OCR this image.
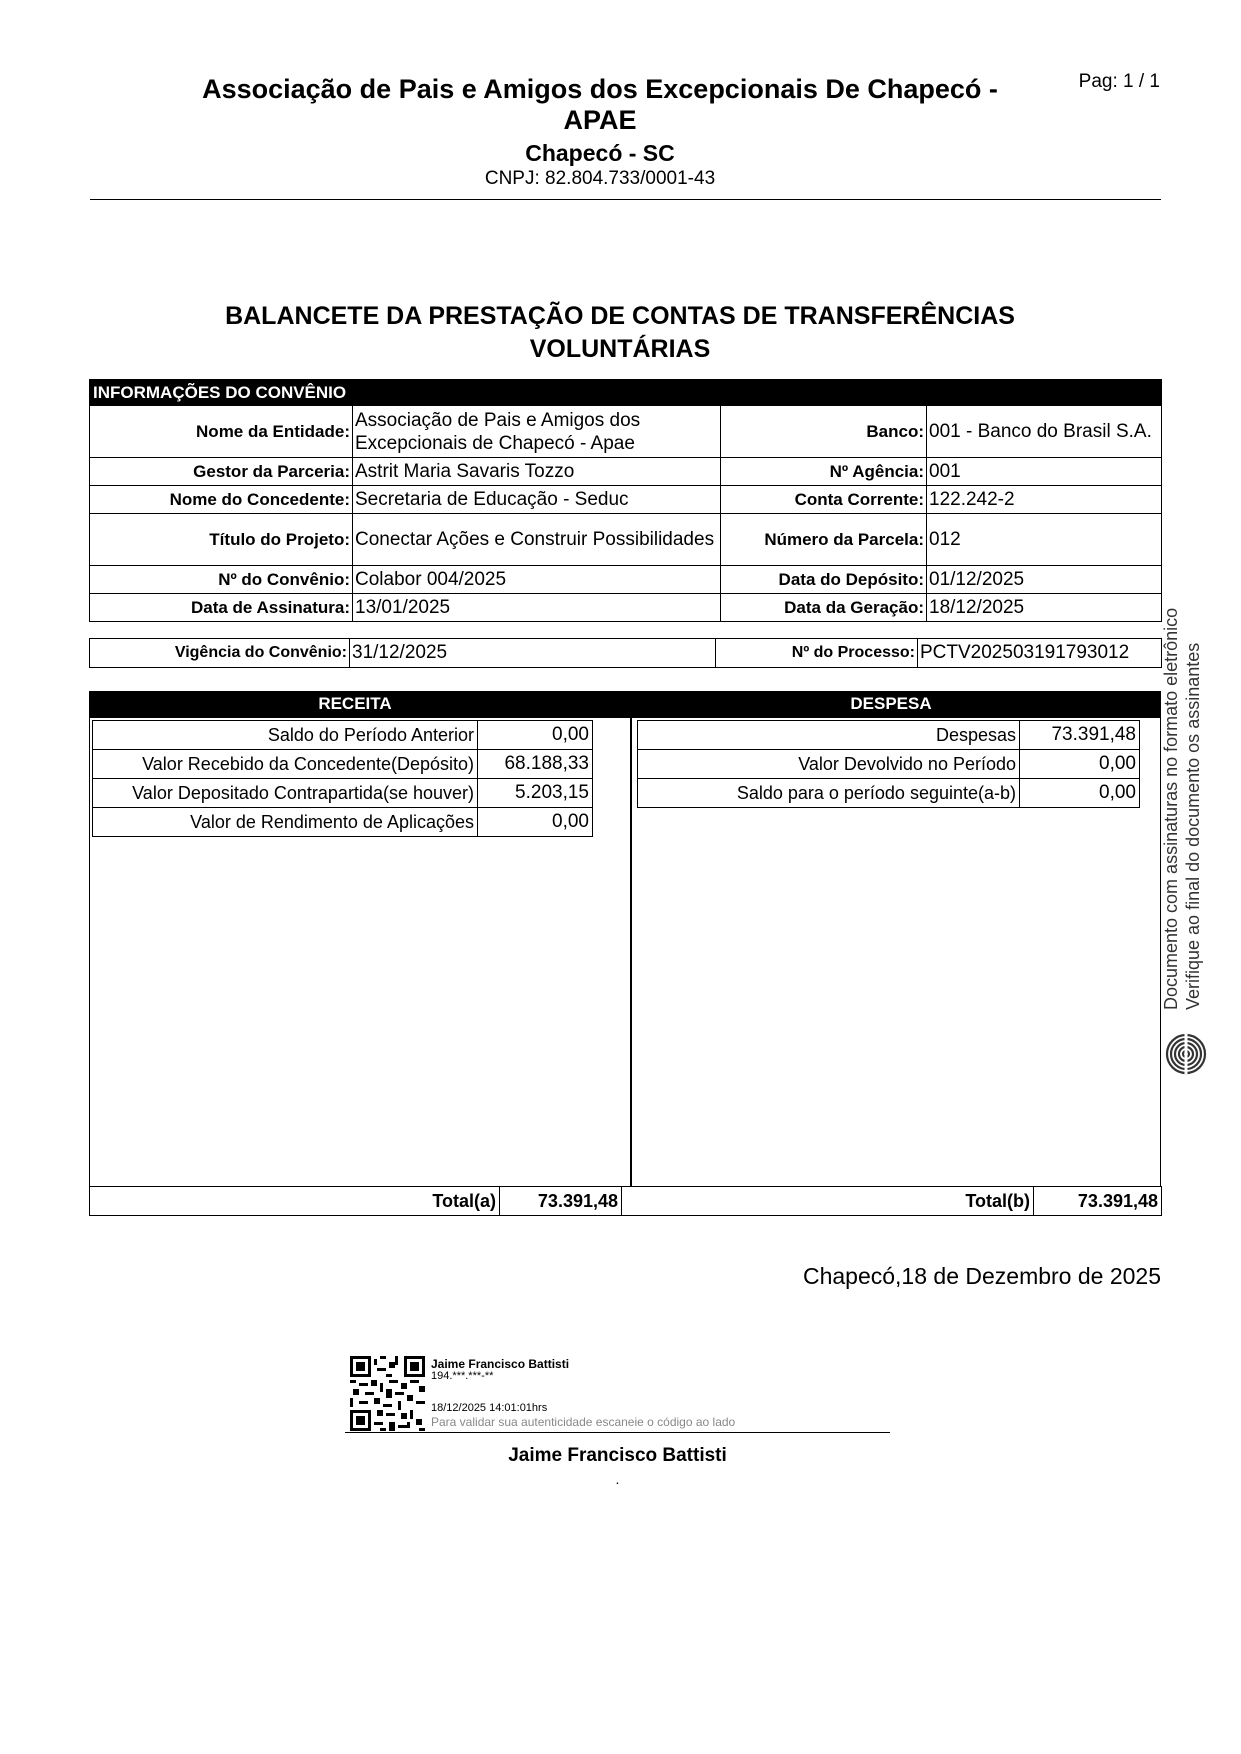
Pag: 1 / 1
Associação de Pais e Amigos dos Excepcionais De Chapecó -
APAE
Chapecó - SC
CNPJ: 82.804.733/0001-43
BALANCETE DA PRESTAÇÃO DE CONTAS DE TRANSFERÊNCIAS
VOLUNTÁRIAS
INFORMAÇÕES DO CONVÊNIO			
Nome da Entidade:	Associação de Pais e Amigos dos Excepcionais de Chapecó - Apae	Banco:	001 - Banco do Brasil S.A.
Gestor da Parceria:	Astrit Maria Savaris Tozzo	Nº Agência:	001
Nome do Concedente:	Secretaria de Educação - Seduc	Conta Corrente:	122.242-2
Título do Projeto:	Conectar Ações e Construir Possibilidades	Número da Parcela:	012
Nº do Convênio:	Colabor 004/2025	Data do Depósito:	01/12/2025
Data de Assinatura:	13/01/2025	Data da Geração:	18/12/2025
Vigência do Convênio:	31/12/2025	Nº do Processo:	PCTV202503191793012
RECEITA	DESPESA
Saldo do Período Anterior	0,00
Valor Recebido da Concedente(Depósito)	68.188,33
Valor Depositado Contrapartida(se houver)	5.203,15
Valor de Rendimento de Aplicações	0,00
Despesas	73.391,48
Valor Devolvido no Período	0,00
Saldo para o período seguinte(a-b)	0,00
Total(a)	73.391,48	Total(b)	73.391,48
Chapecó,18 de Dezembro de 2025
Jaime Francisco Battisti
194.***.***-**
18/12/2025 14:01:01hrs
Para validar sua autenticidade escaneie o código ao lado
Jaime Francisco Battisti
.
Documento com assinaturas no formato eletrônico Verifique ao final do documento os assinantes
